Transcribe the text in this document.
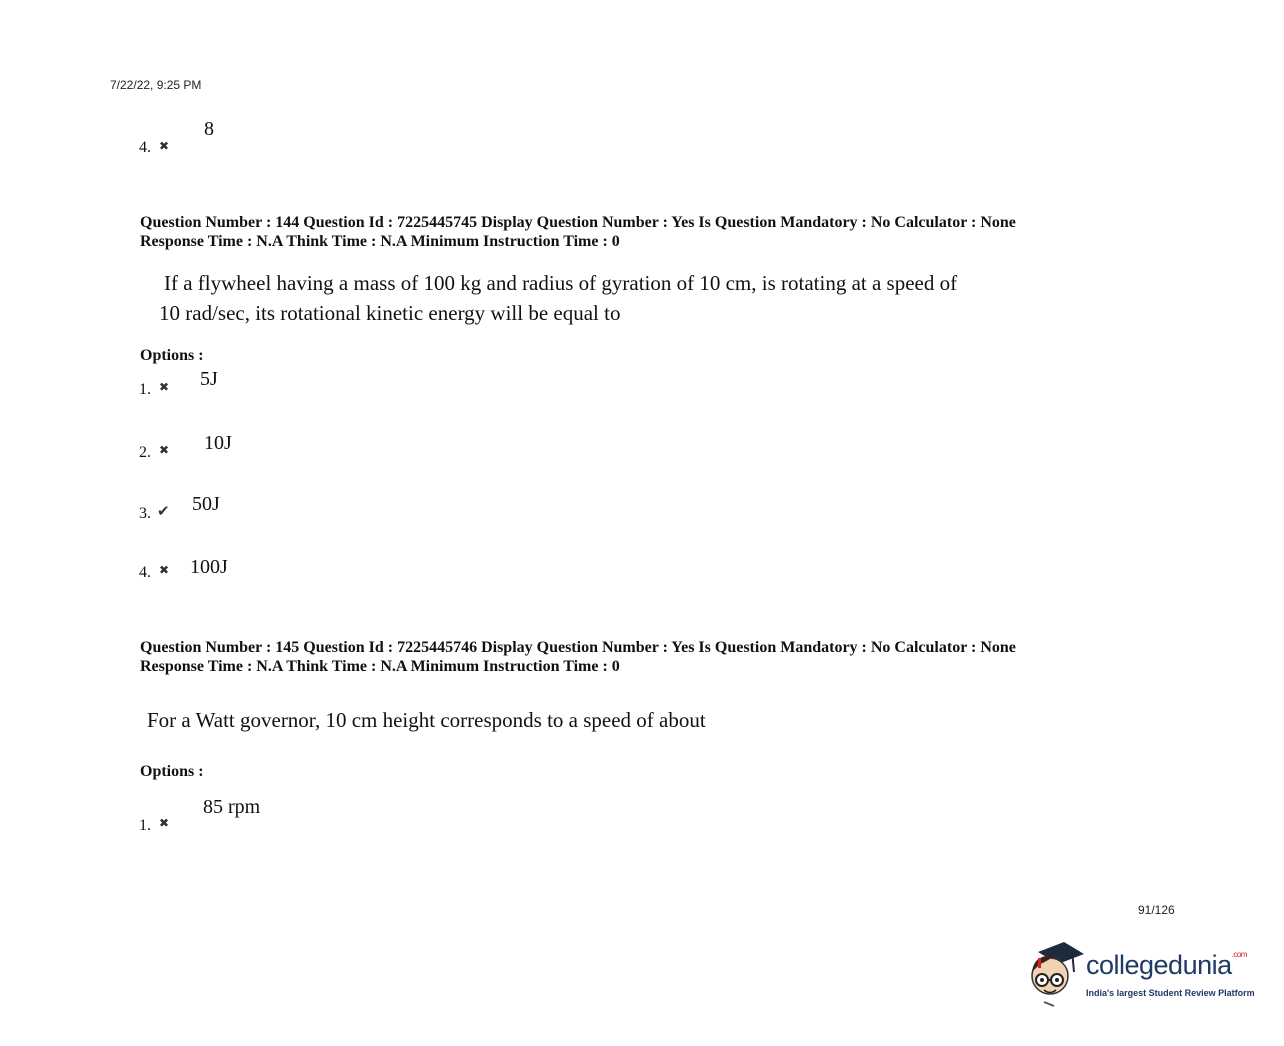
7/22/22, 9:25 PM
4. ✖
8
Question Number : 144 Question Id : 7225445745 Display Question Number : Yes Is Question Mandatory : No Calculator : None
Response Time : N.A Think Time : N.A Minimum Instruction Time : 0
If a flywheel having a mass of 100 kg and radius of gyration of 10 cm, is rotating at a speed of
10 rad/sec, its rotational kinetic energy will be equal to
Options :
1. ✖ 5J
2. ✖ 10J
3. ✔ 50J
4. ✖ 100J
Question Number : 145 Question Id : 7225445746 Display Question Number : Yes Is Question Mandatory : No Calculator : None
Response Time : N.A Think Time : N.A Minimum Instruction Time : 0
For a Watt governor, 10 cm height corresponds to a speed of about
Options :
1. ✖
85 rpm
91/126
collegedunia$^{.com}$
India's largest Student Review Platform
